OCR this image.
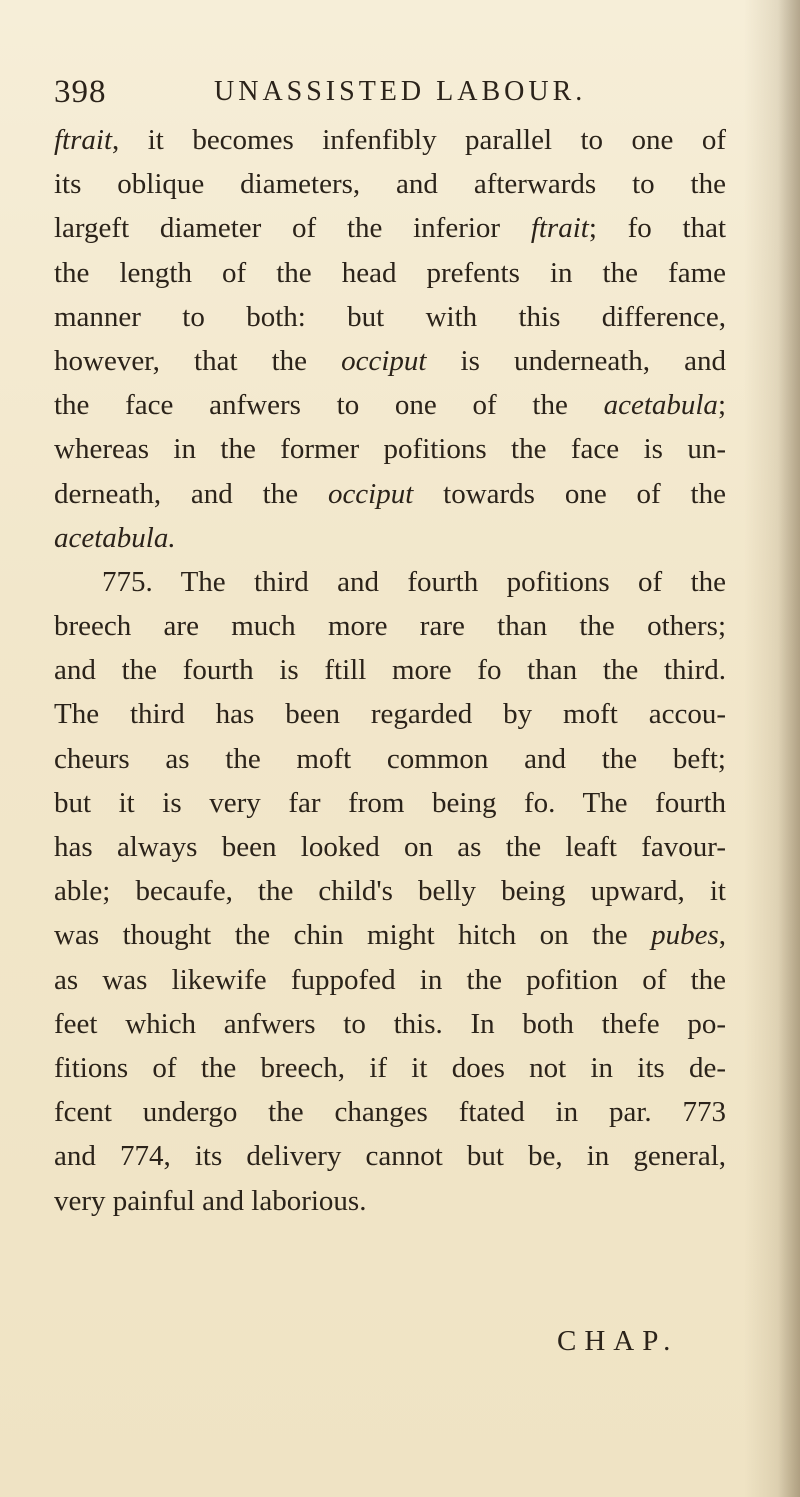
398	UNASSISTED LABOUR.
ftrait, it becomes infenfibly parallel to one of
its oblique diameters, and afterwards to the
largeft diameter of the inferior ftrait; fo that
the length of the head prefents in the fame
manner to both: but with this difference,
however, that the occiput is underneath, and
the face anfwers to one of the acetabula;
whereas in the former pofitions the face is un-
derneath, and the occiput towards one of the
acetabula.
775. The third and fourth pofitions of the
breech are much more rare than the others;
and the fourth is ftill more fo than the third.
The third has been regarded by moft accou-
cheurs as the moft common and the beft;
but it is very far from being fo. The fourth
has always been looked on as the leaft favour-
able; becaufe, the child's belly being upward, it
was thought the chin might hitch on the pubes,
as was likewife fuppofed in the pofition of the
feet which anfwers to this. In both thefe po-
fitions of the breech, if it does not in its de-
fcent undergo the changes ftated in par. 773
and 774, its delivery cannot but be, in general,
very painful and laborious.
CHAP.
